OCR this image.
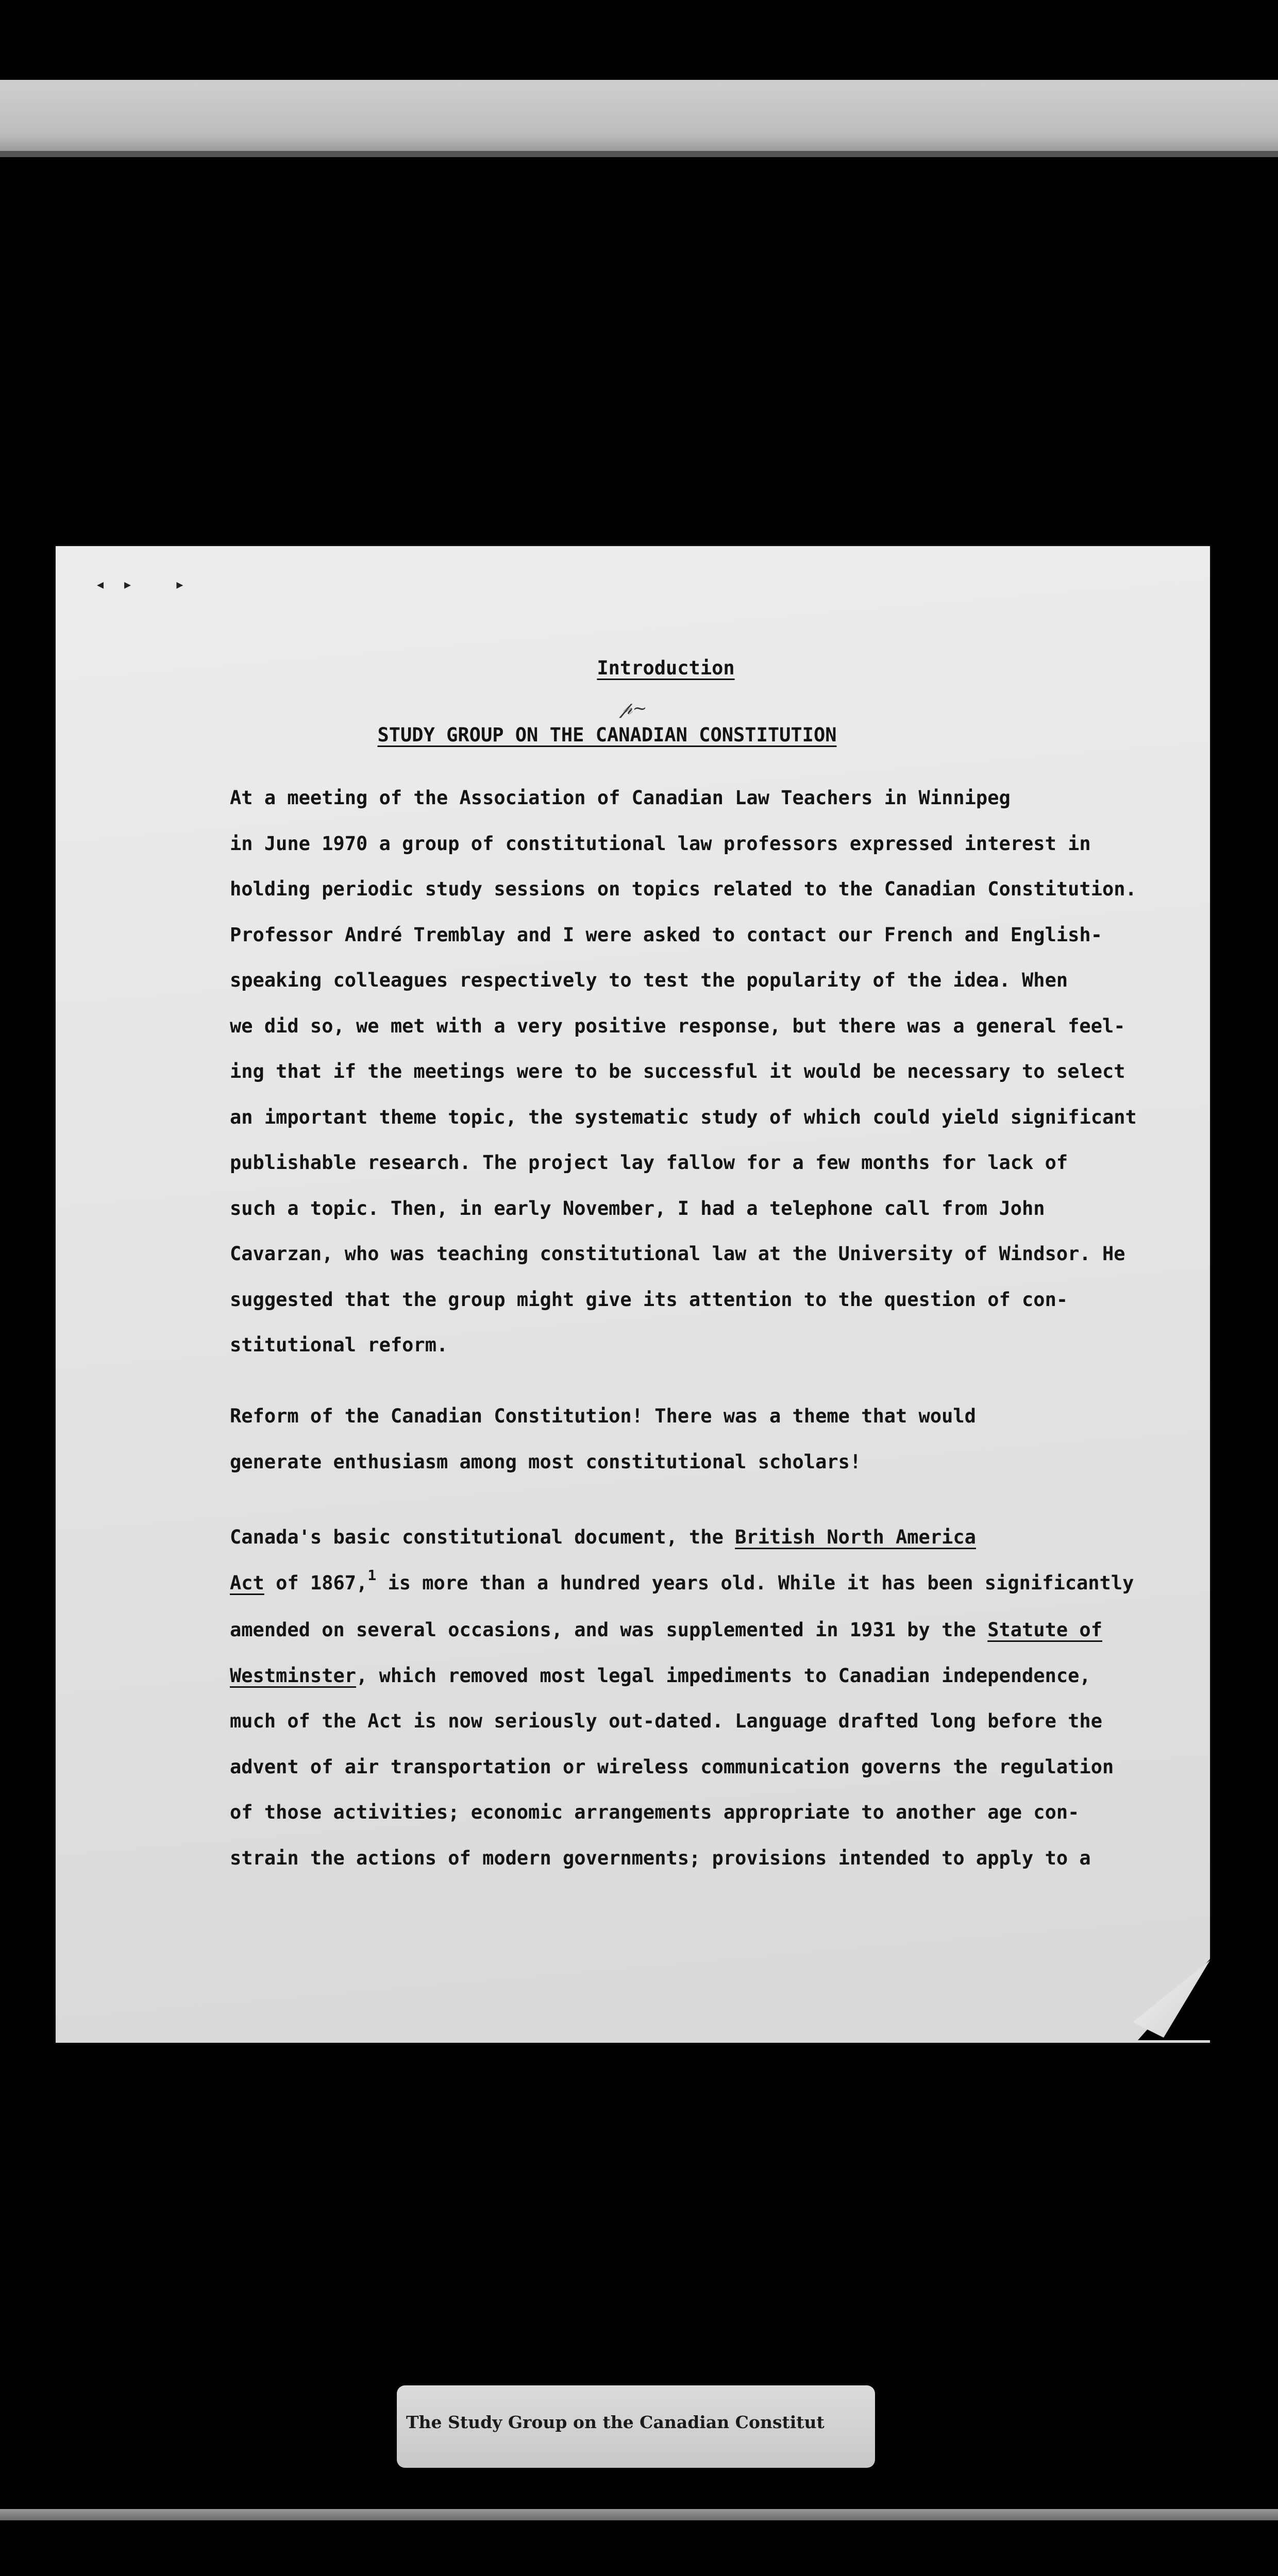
◂▸ ▸
Introduction
𝓅~
STUDY GROUP ON THE CANADIAN CONSTITUTION

At a meeting of the Association of Canadian Law Teachers in Winnipeg
in June 1970 a group of constitutional law professors expressed interest in
holding periodic study sessions on topics related to the Canadian Constitution.
Professor André Tremblay and I were asked to contact our French and English-
speaking colleagues respectively to test the popularity of the idea. When
we did so, we met with a very positive response, but there was a general feel-
ing that if the meetings were to be successful it would be necessary to select
an important theme topic, the systematic study of which could yield significant
publishable research. The project lay fallow for a few months for lack of
such a topic. Then, in early November, I had a telephone call from John
Cavarzan, who was teaching constitutional law at the University of Windsor. He
suggested that the group might give its attention to the question of con-
stitutional reform.

Reform of the Canadian Constitution! There was a theme that would
generate enthusiasm among most constitutional scholars!

Canada's basic constitutional document, the British North America
Act of 1867,$^1$ is more than a hundred years old. While it has been significantly
amended on several occasions, and was supplemented in 1931 by the Statute of
Westminster, which removed most legal impediments to Canadian independence,
much of the Act is now seriously out-dated. Language drafted long before the
advent of air transportation or wireless communication governs the regulation
of those activities; economic arrangements appropriate to another age con-
strain the actions of modern governments; provisions intended to apply to a

The Study Group on the Canadian Constitut
